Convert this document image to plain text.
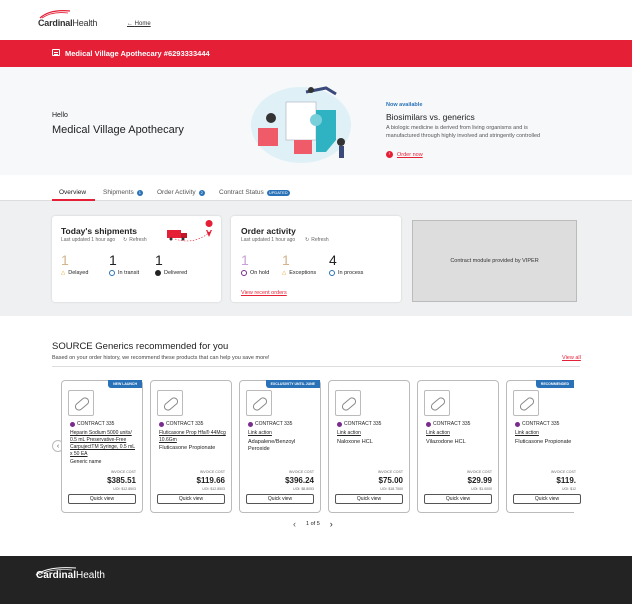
CardinalHealth	← Home
Medical Village Apothecary #6293333444
Hello
Medical Village Apothecary
Now available
Biosimilars vs. generics
A biologic medicine is derived from living organisms and is manufactured through highly involved and stringently controlled
›	Order now
Overview	Shipments	1	Order Activity	2	Contract Status	UPDATED
Today's shipments
Last updated 1 hour ago ↻ Refresh
1	1	1
△ Delayed	In transit	Delivered
Order activity
Last updated 1 hour ago ↻ Refresh
1 1	4
On hold △ Exceptions	In process
View recent orders
Contract module provided by VIPER
SOURCE Generics recommended for you
Based on your order history, we recommend these products that can help you save more!	View all
‹
NEW LAUNCH
CONTRACT 335
Heparin Sodium 5000 units/ 0.5 mL Preservative-Free CarpujectTM Syringe, 0.5 mL x 50 EA
Generic name
INVOICE COST
$385.51
UOI: $12.8503
Quick view
CONTRACT 335
Fluticasone Prop Hfa® 44Mcg 10.6Gm
Fluticasone Propionate
INVOICE COST
$119.66
UOI: $12.8503
Quick view
EXCLUSIVITY UNTIL JUNE
CONTRACT 335
Link action
Adapalene/Benzoyl Peroxide
INVOICE COST
$396.24
UOI: $8.8053
Quick view
CONTRACT 335
Link action
Naloxone HCL
INVOICE COST
$75.00
UOI: $18.7500
Quick view
CONTRACT 335
Link action
Vilazodone HCL
INVOICE COST
$29.99
UOI: $1.0000
Quick view
RECOMMENDED
CONTRACT 335
Link action
Fluticasone Propionate
INVOICE COST
$119.
UOI: $12
Quick view
‹ 1 of 5 ›
CardinalHealth
